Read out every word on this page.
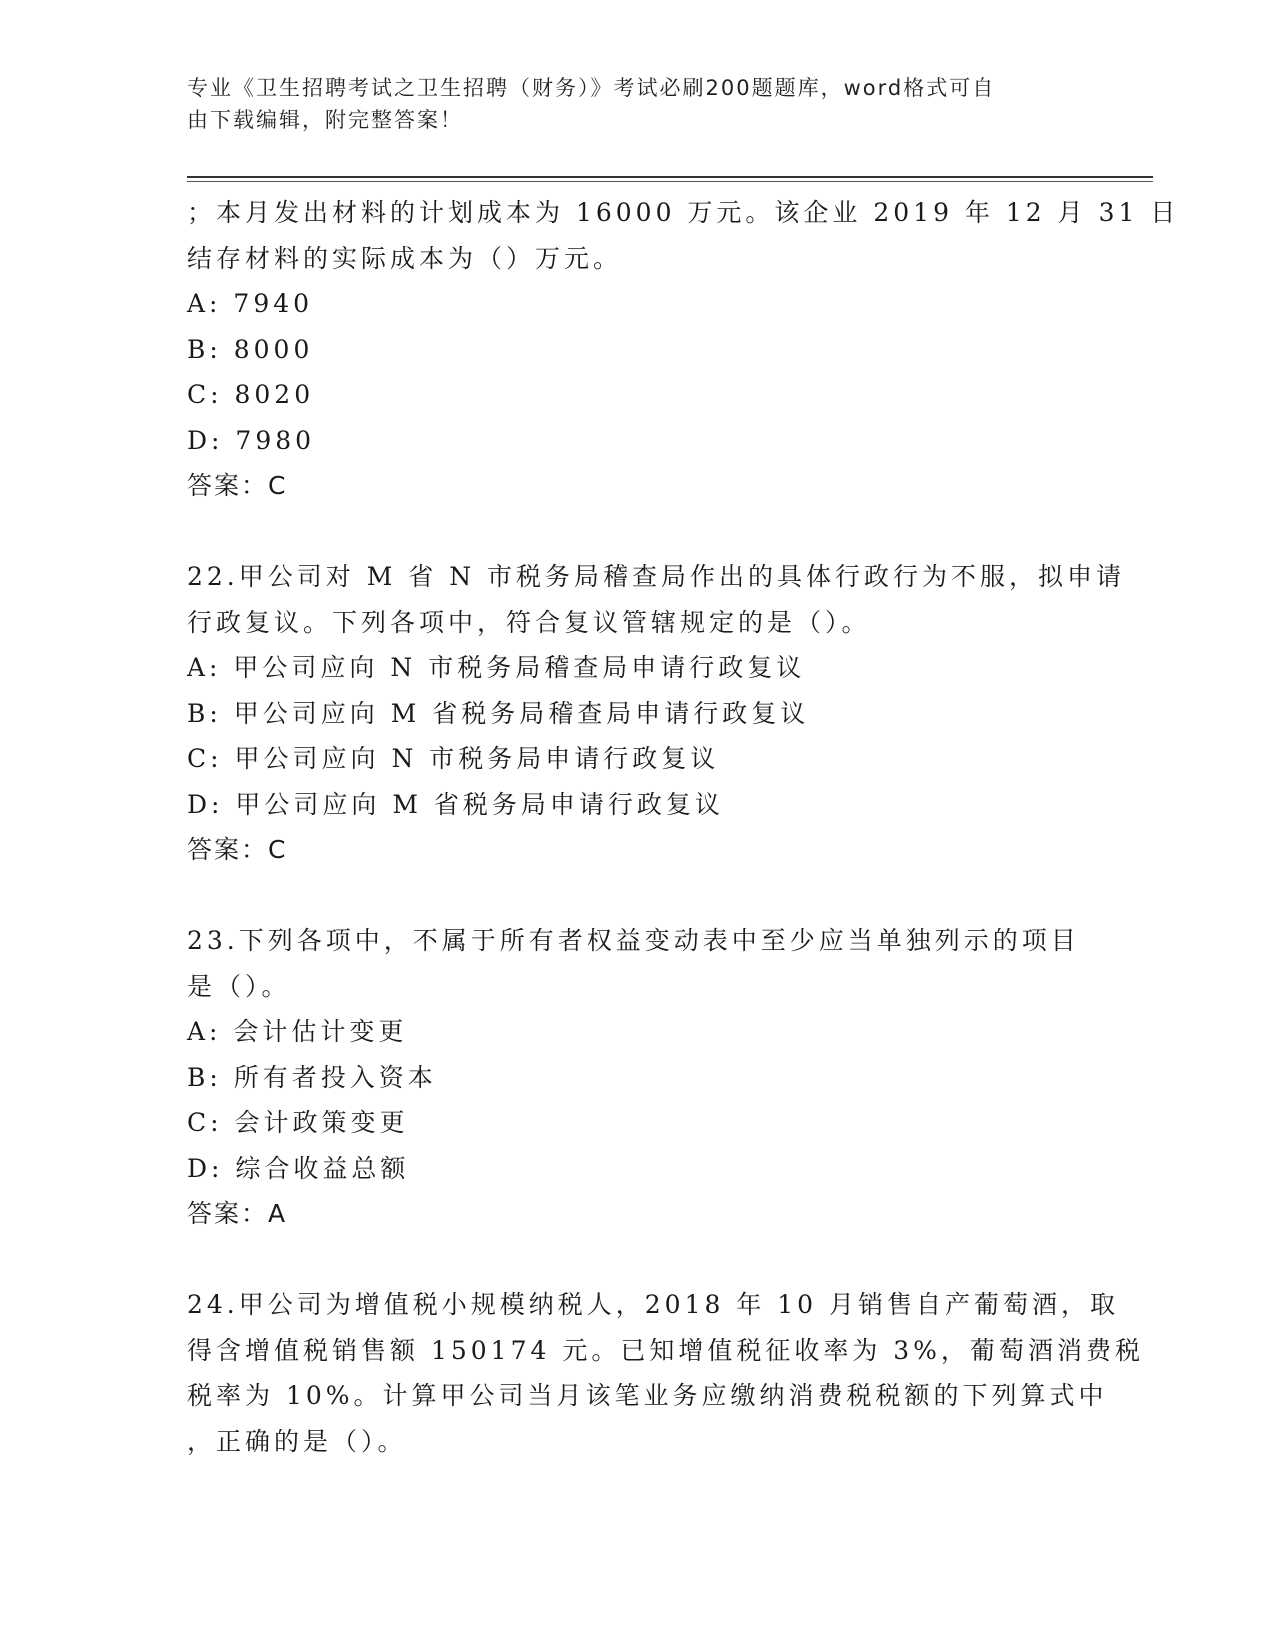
专业《卫生招聘考试之卫生招聘（财务）》考试必刷200题题库，word格式可自
由下载编辑，附完整答案！
；本月发出材料的计划成本为 16000 万元。该企业 2019 年 12 月 31 日
结存材料的实际成本为（）万元。
A: 7940
B: 8000
C: 8020
D: 7980
答案：C
22.甲公司对 M 省 N 市税务局稽查局作出的具体行政行为不服，拟申请
行政复议。下列各项中，符合复议管辖规定的是（）。
A: 甲公司应向 N 市税务局稽查局申请行政复议
B: 甲公司应向 M 省税务局稽查局申请行政复议
C: 甲公司应向 N 市税务局申请行政复议
D: 甲公司应向 M 省税务局申请行政复议
答案：C
23.下列各项中，不属于所有者权益变动表中至少应当单独列示的项目
是（）。
A: 会计估计变更
B: 所有者投入资本
C: 会计政策变更
D: 综合收益总额
答案：A
24.甲公司为增值税小规模纳税人，2018 年 10 月销售自产葡萄酒，取
得含增值税销售额 150174 元。已知增值税征收率为 3%，葡萄酒消费税
税率为 10%。计算甲公司当月该笔业务应缴纳消费税税额的下列算式中
，正确的是（）。
